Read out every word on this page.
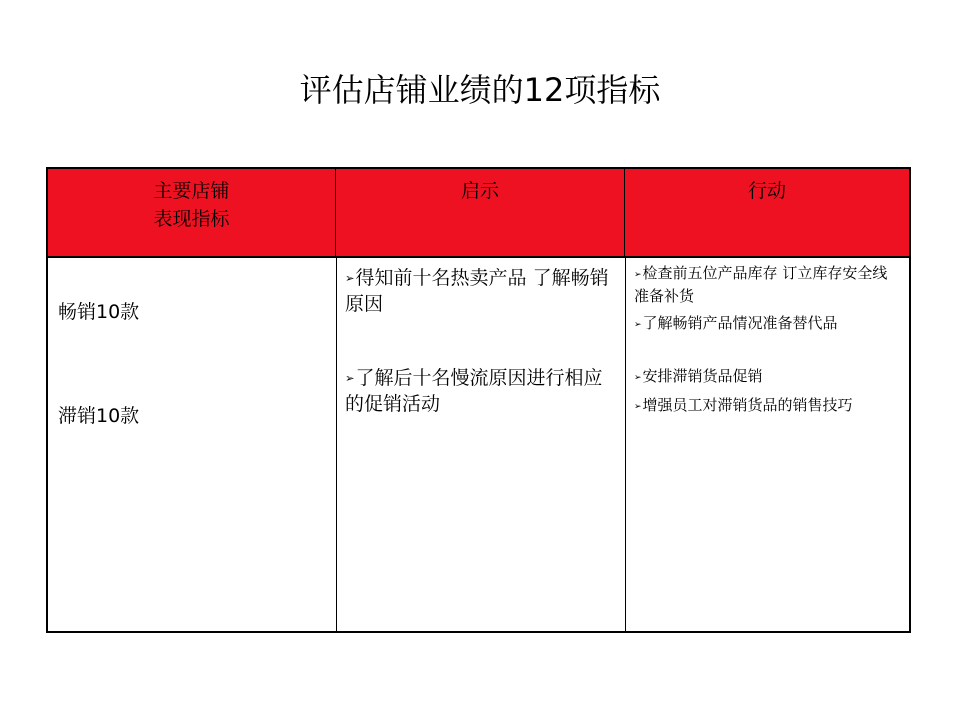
评估店铺业绩的12项指标
主要店铺
表现指标
启示	行动
畅销10款
滞销10款
➢得知前十名热卖产品 了解畅销原因
➢了解后十名慢流原因进行相应的促销活动
➢检查前五位产品库存 订立库存安全线 准备补货
➢了解畅销产品情况准备替代品
➢安排滞销货品促销
➢增强员工对滞销货品的销售技巧
